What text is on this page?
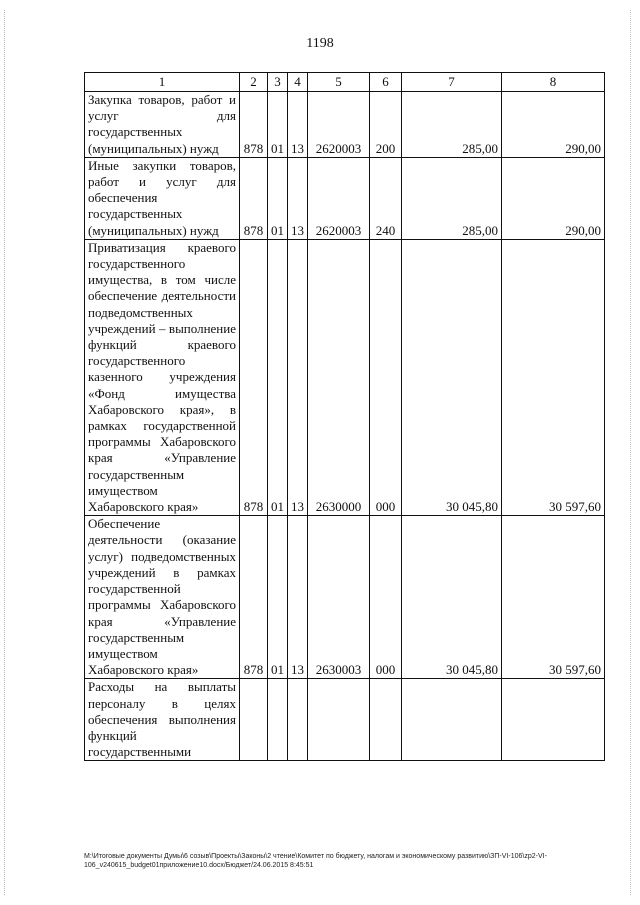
1198
1	2	3	4	5	6	7	8
Закупка товаров, работ и услуг для государственных (муниципальных) нужд	878	01	13	2620003	200	285,00	290,00
Иные закупки товаров, работ и услуг для обеспечения государственных (муниципальных) нужд	878	01	13	2620003	240	285,00	290,00
Приватизация краевого государственного имущества, в том числе обеспечение деятельности подведомственных учреждений – выполнение функций краевого государственного казенного учреждения «Фонд имущества Хабаровского края», в рамках государственной программы Хабаровского края «Управление государственным имуществом Хабаровского края»	878	01	13	2630000	000	30 045,80	30 597,60
Обеспечение деятельности (оказание услуг) подведомственных учреждений в рамках государственной программы Хабаровского края «Управление государственным имуществом Хабаровского края»	878	01	13	2630003	000	30 045,80	30 597,60
Расходы на выплаты персоналу в целях обеспечения выполнения функций государственными							
M:\Итоговые документы Думы\6 созыв\Проекты\Законы\2 чтение\Комитет по бюджету, налогам и экономическому развитию\ЗП-VI-106\zp2-VI-106_v240615_budget01приложение10.docx/Бюджет/24.06.2015 8:45:51
